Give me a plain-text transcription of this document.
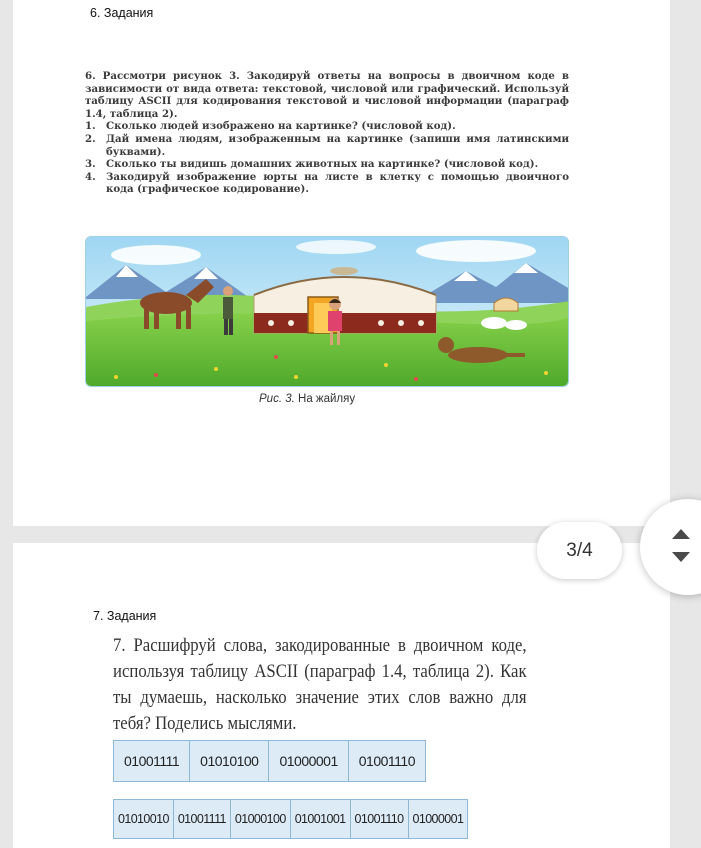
6. Задания

6. Рассмотри рисунок 3. Закодируй ответы на вопросы в двоичном коде в зависимости от вида ответа: текстовой, числовой или графический. Используй таблицу ASCII для кодирования текстовой и числовой информации (параграф 1.4, таблица 2).

1. Сколько людей изображено на картинке? (числовой код).
2. Дай имена людям, изображенным на картинке (запиши имя латинскими буквами).
3. Сколько ты видишь домашних животных на картинке? (числовой код).
4. Закодируй изображение юрты на листе в клетку с помощью двоичного кода (графическое кодирование).
Рис. 3. На жайляу
7. Задания
7. Расшифруй слова, закодированные в двоичном коде, используя таблицу ASCII (параграф 1.4, таблица 2). Как ты думаешь, насколько значение этих слов важно для тебя? Поделись мыслями.
01001111	01010100	01000001	01001110
01010010 01001111 01000100 01001001 01001110 01000001
3/4
